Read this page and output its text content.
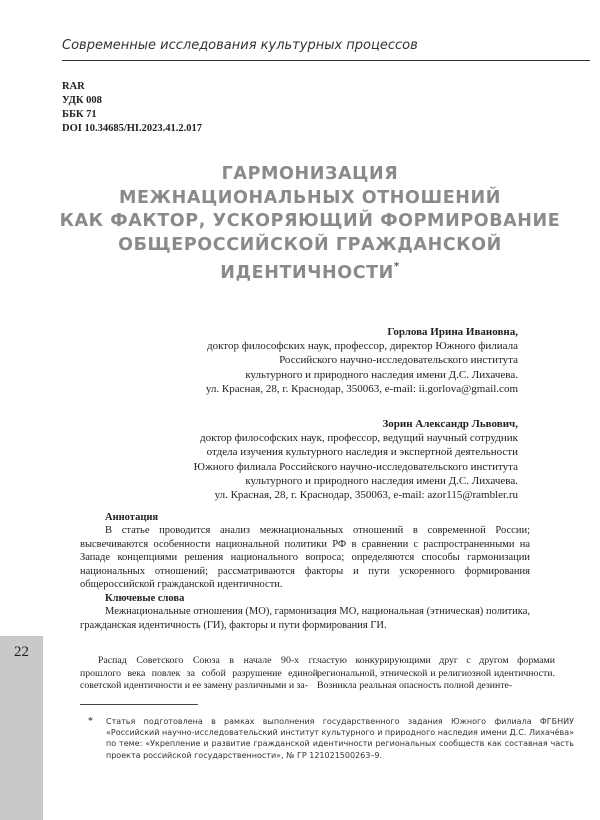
Современные исследования культурных процессов
RAR
УДК 008
ББК 71
DOI 10.34685/HI.2023.41.2.017
ГАРМОНИЗАЦИЯ
МЕЖНАЦИОНАЛЬНЫХ ОТНОШЕНИЙ
КАК ФАКТОР, УСКОРЯЮЩИЙ ФОРМИРОВАНИЕ
ОБЩЕРОССИЙСКОЙ ГРАЖДАНСКОЙ
ИДЕНТИЧНОСТИ*
Горлова Ирина Ивановна,
доктор философских наук, профессор, директор Южного филиала
Российского научно-исследовательского института
культурного и природного наследия имени Д.С. Лихачева.
ул. Красная, 28, г. Краснодар, 350063, e-mail: ii.gorlova@gmail.com
Зорин Александр Львович,
доктор философских наук, профессор, ведущий научный сотрудник
отдела изучения культурного наследия и экспертной деятельности
Южного филиала Российского научно-исследовательского института
культурного и природного наследия имени Д.С. Лихачева.
ул. Красная, 28, г. Краснодар, 350063, e-mail: azor115@rambler.ru
Аннотация
В статье проводится анализ межнациональных отношений в современной России; высвечиваются особенности национальной политики РФ в сравнении с распространенными на Западе концепциями решения национального вопроса; определяются способы гармонизации национальных отношений; рассматриваются факторы и пути ускоренного формирования общероссийской гражданской идентичности.
Ключевые слова
Межнациональные отношения (МО), гармонизация МО, национальная (этническая) политика, гражданская идентичность (ГИ), факторы и пути формирования ГИ.
22
Распад Советского Союза в начале 90-х гг. прошлого века повлек за собой разрушение единой советской идентичности и ее замену различными и за-
частую конкурирующими друг с другом формами региональной, этнической и религиозной идентичности. Возникла реальная опасность полной дезинте-
* Статья подготовлена в рамках выполнения государственного задания Южного филиала ФГБНИУ «Российский научно-исследовательский институт культурного и природного наследия имени Д.С. Лихачёва» по теме: «Укрепление и развитие гражданской идентичности региональных сообществ как составная часть проекта российской государственности», № ГР 121021500263–9.
